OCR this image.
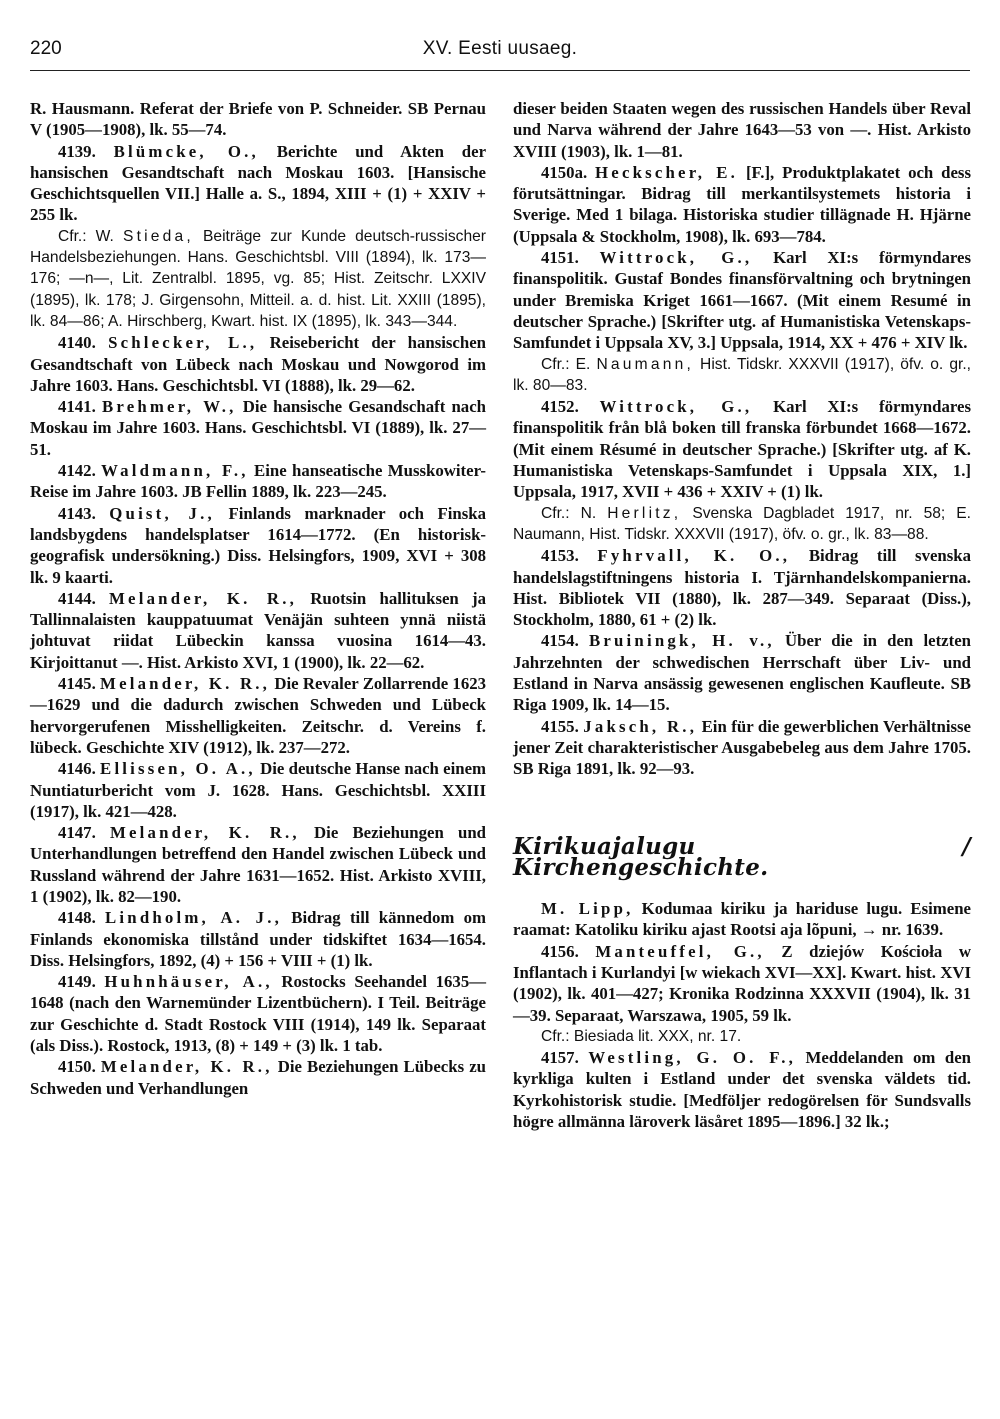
220	XV. Eesti uusaeg.

R. Hausmann. Referat der Briefe von P. Schneider. SB Pernau V (1905—1908), lk. 55—74.

4139. Blümcke, O., Berichte und Akten der hansischen Gesandtschaft nach Moskau 1603. [Hansische Geschichtsquellen VII.] Halle a. S., 1894, XIII + (1) + XXIV + 255 lk.

Cfr.: W. Stieda, Beiträge zur Kunde deutsch-russischer Handelsbeziehungen. Hans. Geschichtsbl. VIII (1894), lk. 173—176; —n—, Lit. Zentralbl. 1895, vg. 85; Hist. Zeitschr. LXXIV (1895), lk. 178; J. Girgensohn, Mitteil. a. d. hist. Lit. XXIII (1895), lk. 84—86; A. Hirschberg, Kwart. hist. IX (1895), lk. 343—344.

4140. Schlecker, L., Reisebericht der hansischen Gesandtschaft von Lübeck nach Moskau und Nowgorod im Jahre 1603. Hans. Geschichtsbl. VI (1888), lk. 29—62.

4141. Brehmer, W., Die hansische Gesandschaft nach Moskau im Jahre 1603. Hans. Geschichtsbl. VI (1889), lk. 27—51.

4142. Waldmann, F., Eine hanseatische Musskowiter-Reise im Jahre 1603. JB Fellin 1889, lk. 223—245.

4143. Quist, J., Finlands marknader och Finska landsbygdens handelsplatser 1614—1772. (En historisk-geografisk undersökning.) Diss. Helsingfors, 1909, XVI + 308 lk. 9 kaarti.

4144. Melander, K. R., Ruotsin hallituksen ja Tallinnalaisten kauppatuumat Venäjän suhteen ynnä niistä johtuvat riidat Lübeckin kanssa vuosina 1614—43. Kirjoittanut —. Hist. Arkisto XVI, 1 (1900), lk. 22—62.

4145. Melander, K. R., Die Revaler Zollarrende 1623—1629 und die dadurch zwischen Schweden und Lübeck hervorgerufenen Misshelligkeiten. Zeitschr. d. Vereins f. lübeck. Geschichte XIV (1912), lk. 237—272.

4146. Ellissen, O. A., Die deutsche Hanse nach einem Nuntiaturbericht vom J. 1628. Hans. Geschichtsbl. XXIII (1917), lk. 421—428.

4147. Melander, K. R., Die Beziehungen und Unterhandlungen betreffend den Handel zwischen Lübeck und Russland während der Jahre 1631—1652. Hist. Arkisto XVIII, 1 (1902), lk. 82—190.

4148. Lindholm, A. J., Bidrag till kännedom om Finlands ekonomiska tillstånd under tidskiftet 1634—1654. Diss. Helsingfors, 1892, (4) + 156 + VIII + (1) lk.

4149. Huhnhäuser, A., Rostocks Seehandel 1635—1648 (nach den Warnemünder Lizentbüchern). I Teil. Beiträge zur Geschichte d. Stadt Rostock VIII (1914), 149 lk. Separaat (als Diss.). Rostock, 1913, (8) + 149 + (3) lk. 1 tab.

4150. Melander, K. R., Die Beziehungen Lübecks zu Schweden und Verhandlungen

dieser beiden Staaten wegen des russischen Handels über Reval und Narva während der Jahre 1643—53 von —. Hist. Arkisto XVIII (1903), lk. 1—81.

4150a. Heckscher, E. [F.], Produktplakatet och dess förutsättningar. Bidrag till merkantilsystemets historia i Sverige. Med 1 bilaga. Historiska studier tillägnade H. Hjärne (Uppsala & Stockholm, 1908), lk. 693—784.

4151. Wittrock, G., Karl XI:s förmyndares finanspolitik. Gustaf Bondes finansförvaltning och brytningen under Bremiska Kriget 1661—1667. (Mit einem Resumé in deutscher Sprache.) [Skrifter utg. af Humanistiska Vetenskaps-Samfundet i Uppsala XV, 3.] Uppsala, 1914, XX + 476 + XIV lk.

Cfr.: E. Naumann, Hist. Tidskr. XXXVII (1917), öfv. o. gr., lk. 80—83.

4152. Wittrock, G., Karl XI:s förmyndares finanspolitik från blå boken till franska förbundet 1668—1672. (Mit einem Résumé in deutscher Sprache.) [Skrifter utg. af K. Humanistiska Vetenskaps-Samfundet i Uppsala XIX, 1.] Uppsala, 1917, XVII + 436 + XXIV + (1) lk.

Cfr.: N. Herlitz, Svenska Dagbladet 1917, nr. 58; E. Naumann, Hist. Tidskr. XXXVII (1917), öfv. o. gr., lk. 83—88.

4153. Fyhrvall, K. O., Bidrag till svenska handelslagstiftningens historia I. Tjärnhandelskompanierna. Hist. Bibliotek VII (1880), lk. 287—349. Separaat (Diss.), Stockholm, 1880, 61 + (2) lk.

4154. Bruiningk, H. v., Über die in den letzten Jahrzehnten der schwedischen Herrschaft über Liv- und Estland in Narva ansässig gewesenen englischen Kaufleute. SB Riga 1909, lk. 14—15.

4155. Jaksch, R., Ein für die gewerblichen Verhältnisse jener Zeit charakteristischer Ausgabebeleg aus dem Jahre 1705. SB Riga 1891, lk. 92—93.

Kirikuajalugu / Kirchengeschichte.

M. Lipp, Kodumaa kiriku ja hariduse lugu. Esimene raamat: Katoliku kiriku ajast Rootsi aja lõpuni, → nr. 1639.

4156. Manteuffel, G., Z dziejów Kościoła w Inflantach i Kurlandyi [w wiekach XVI—XX]. Kwart. hist. XVI (1902), lk. 401—427; Kronika Rodzinna XXXVII (1904), lk. 31—39. Separaat, Warszawa, 1905, 59 lk.

Cfr.: Biesiada lit. XXX, nr. 17.

4157. Westling, G. O. F., Meddelanden om den kyrkliga kulten i Estland under det svenska väldets tid. Kyrkohistorisk studie. [Medföljer redogörelsen för Sundsvalls högre allmänna läroverk läsåret 1895—1896.] 32 lk.;
